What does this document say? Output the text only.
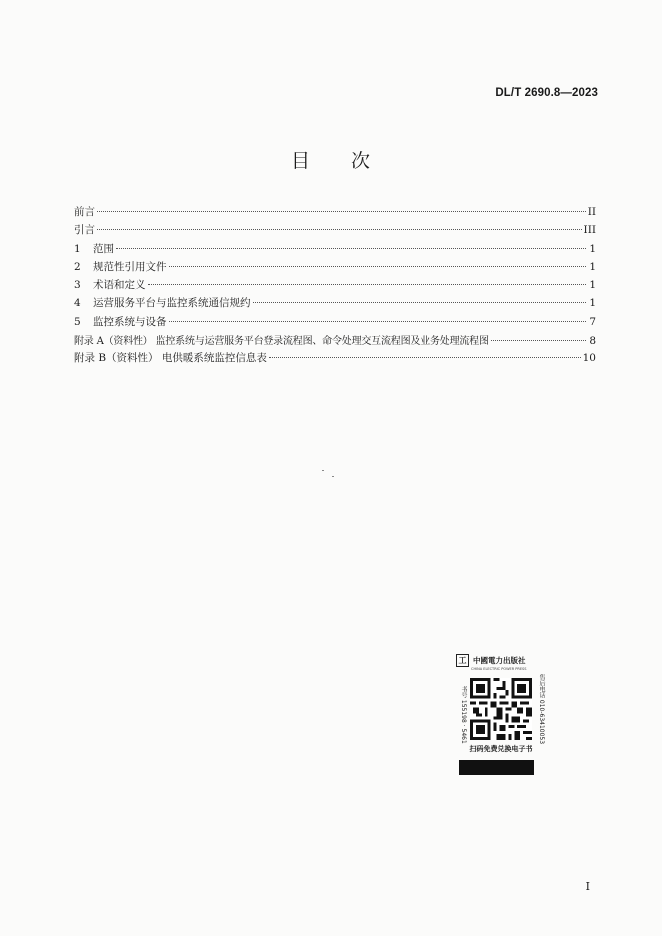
DL/T 2690.8—2023
目 次
前言	II
引言	III
1	范围	1
2	规范性引用文件	1
3	术语和定义	1
4	运营服务平台与监控系统通信规约	1
5	监控系统与设备	7
附录 A（资料性） 监控系统与运营服务平台登录流程图、命令处理交互流程图及业务处理流程图	8
附录 B（资料性） 电供暖系统监控信息表	10
工 中國電力出版社
CHINA ELECTRIC POWER PRESS
书号 155198 · 5461	售后电话 010-63410053
扫码免费兑换电子书
I
